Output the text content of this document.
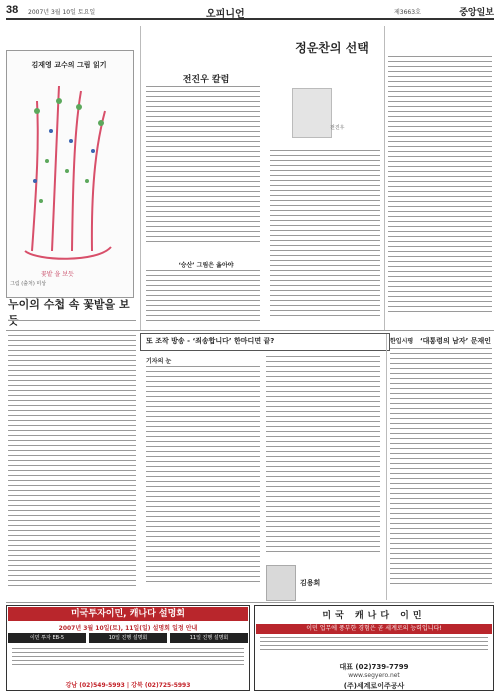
38 2007년 3월 10일 토요일	오피니언	제3663호	중앙일보
꽃밭 을 보듯
김재영 교수의 그림 읽기
그림 (출처) 미상
누이의 수첩 속 꽃밭을 보듯
전진우 칼럼
정운찬의 선택
전진우
‘승산’ 그림은 옳아야
또 조작 방송 - ‘죄송합니다’ 한마디면 끝?
기자의 눈
한입시평 ‘대통령의 남자’ 문재인
김용희
미국투자이민, 캐나다 설명회
2007년 3월 10일(토), 11일(일) 설명회 일정 안내
이민 투자 EB-5	10일 진행 설명회	11일 진행 설명회
강남 (02)549-5993 | 강북 (02)725-5993
미국 캐나다 이민
이민 업무에 풍부한 경험은 곧 세계로의 능력입니다!
대표 (02)739-7799
www.segyero.net
(주)세계로이주공사
